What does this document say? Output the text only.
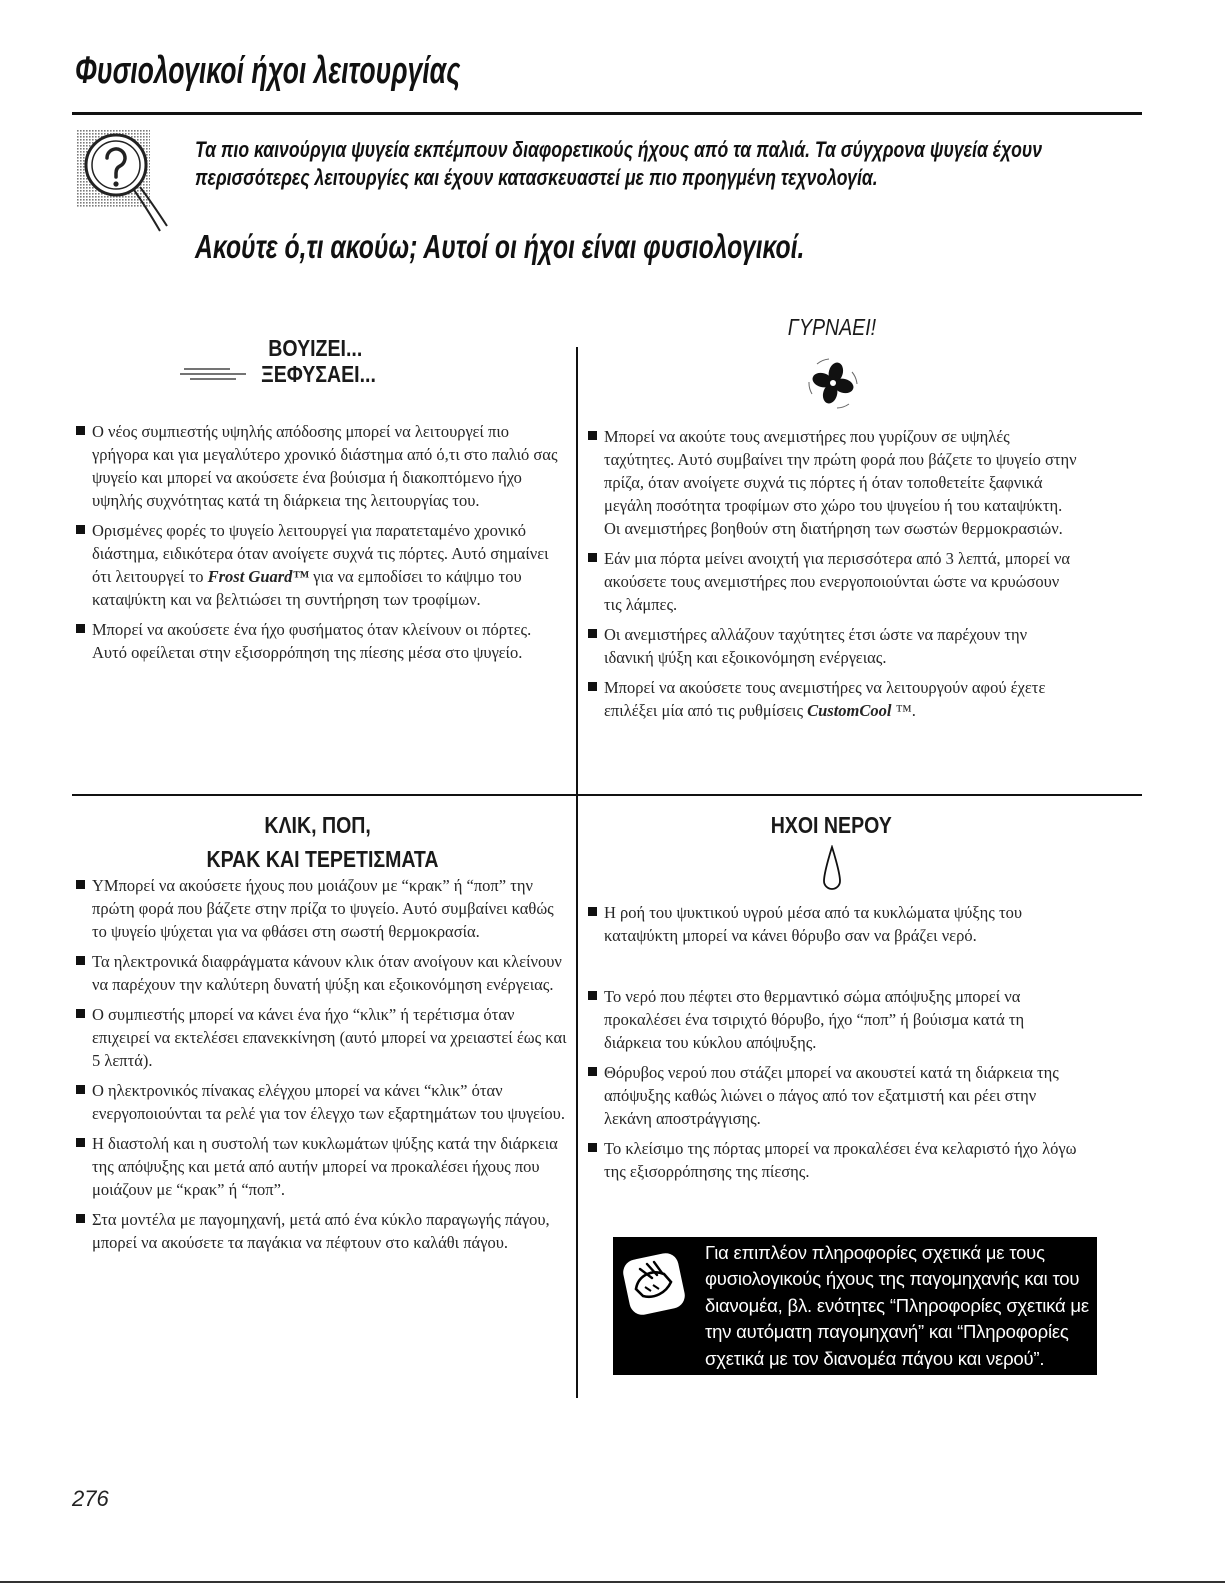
Φυσιολογικοί ήχοι λειτουργίας

Τα πιο καινούργια ψυγεία εκπέμπουν διαφορετικούς ήχους από τα παλιά. Τα σύγχρονα ψυγεία έχουν περισσότερες λειτουργίες και έχουν κατασκευαστεί με πιο προηγμένη τεχνολογία.

Ακούτε ό,τι ακούω; Αυτοί οι ήχοι είναι φυσιολογικοί.
ΒΟΥΙΖΕΙ...
ΞΕΦΥΣΑΕΙ...
Ο νέος συμπιεστής υψηλής απόδοσης μπορεί να λειτουργεί πιο γρήγορα και για μεγαλύτερο χρονικό διάστημα από ό,τι στο παλιό σας ψυγείο και μπορεί να ακούσετε ένα βούισμα ή διακοπτόμενο ήχο υψηλής συχνότητας κατά τη διάρκεια της λειτουργίας του.
Ορισμένες φορές το ψυγείο λειτουργεί για παρατεταμένο χρονικό διάστημα, ειδικότερα όταν ανοίγετε συχνά τις πόρτες. Αυτό σημαίνει ότι λειτουργεί το Frost Guard™ για να εμποδίσει το κάψιμο του καταψύκτη και να βελτιώσει τη συντήρηση των τροφίμων.
Μπορεί να ακούσετε ένα ήχο φυσήματος όταν κλείνουν οι πόρτες. Αυτό οφείλεται στην εξισορρόπηση της πίεσης μέσα στο ψυγείο.
ΓΥΡΝΑΕΙ!
Μπορεί να ακούτε τους ανεμιστήρες που γυρίζουν σε υψηλές ταχύτητες. Αυτό συμβαίνει την πρώτη φορά που βάζετε το ψυγείο στην πρίζα, όταν ανοίγετε συχνά τις πόρτες ή όταν τοποθετείτε ξαφνικά μεγάλη ποσότητα τροφίμων στο χώρο του ψυγείου ή του καταψύκτη. Οι ανεμιστήρες βοηθούν στη διατήρηση των σωστών θερμοκρασιών.
Εάν μια πόρτα μείνει ανοιχτή για περισσότερα από 3 λεπτά, μπορεί να ακούσετε τους ανεμιστήρες που ενεργοποιούνται ώστε να κρυώσουν τις λάμπες.
Οι ανεμιστήρες αλλάζουν ταχύτητες έτσι ώστε να παρέχουν την ιδανική ψύξη και εξοικονόμηση ενέργειας.
Μπορεί να ακούσετε τους ανεμιστήρες να λειτουργούν αφού έχετε επιλέξει μία από τις ρυθμίσεις CustomCool ™.
ΚΛΙΚ, ΠΟΠ,
ΚΡΑΚ ΚΑΙ ΤΕΡΕΤΙΣΜΑΤΑ
ΥΜπορεί να ακούσετε ήχους που μοιάζουν με “κρακ” ή “ποπ” την πρώτη φορά που βάζετε στην πρίζα το ψυγείο. Αυτό συμβαίνει καθώς το ψυγείο ψύχεται για να φθάσει στη σωστή θερμοκρασία.
Τα ηλεκτρονικά διαφράγματα κάνουν κλικ όταν ανοίγουν και κλείνουν να παρέχουν την καλύτερη δυνατή ψύξη και εξοικονόμηση ενέργειας.
Ο συμπιεστής μπορεί να κάνει ένα ήχο “κλικ” ή τερέτισμα όταν επιχειρεί να εκτελέσει επανεκκίνηση (αυτό μπορεί να χρειαστεί έως και 5 λεπτά).
Ο ηλεκτρονικός πίνακας ελέγχου μπορεί να κάνει “κλικ” όταν ενεργοποιούνται τα ρελέ για τον έλεγχο των εξαρτημάτων του ψυγείου.
Η διαστολή και η συστολή των κυκλωμάτων ψύξης κατά την διάρκεια της απόψυξης και μετά από αυτήν μπορεί να προκαλέσει ήχους που μοιάζουν με “κρακ” ή “ποπ”.
Στα μοντέλα με παγομηχανή, μετά από ένα κύκλο παραγωγής πάγου, μπορεί να ακούσετε τα παγάκια να πέφτουν στο καλάθι πάγου.
ΗΧΟΙ ΝΕΡΟΥ
Η ροή του ψυκτικού υγρού μέσα από τα κυκλώματα ψύξης του καταψύκτη μπορεί να κάνει θόρυβο σαν να βράζει νερό.
Το νερό που πέφτει στο θερμαντικό σώμα απόψυξης μπορεί να προκαλέσει ένα τσιριχτό θόρυβο, ήχο “ποπ” ή βούισμα κατά τη διάρκεια του κύκλου απόψυξης.
Θόρυβος νερού που στάζει μπορεί να ακουστεί κατά τη διάρκεια της απόψυξης καθώς λιώνει ο πάγος από τον εξατμιστή και ρέει στην λεκάνη αποστράγγισης.
Το κλείσιμο της πόρτας μπορεί να προκαλέσει ένα κελαριστό ήχο λόγω της εξισορρόπησης της πίεσης.
Για επιπλέον πληροφορίες σχετικά με τους φυσιολογικούς ήχους της παγομηχανής και του διανομέα, βλ. ενότητες “Πληροφορίες σχετικά με την αυτόματη παγομηχανή” και “Πληροφορίες σχετικά με τον διανομέα πάγου και νερού”.
276
